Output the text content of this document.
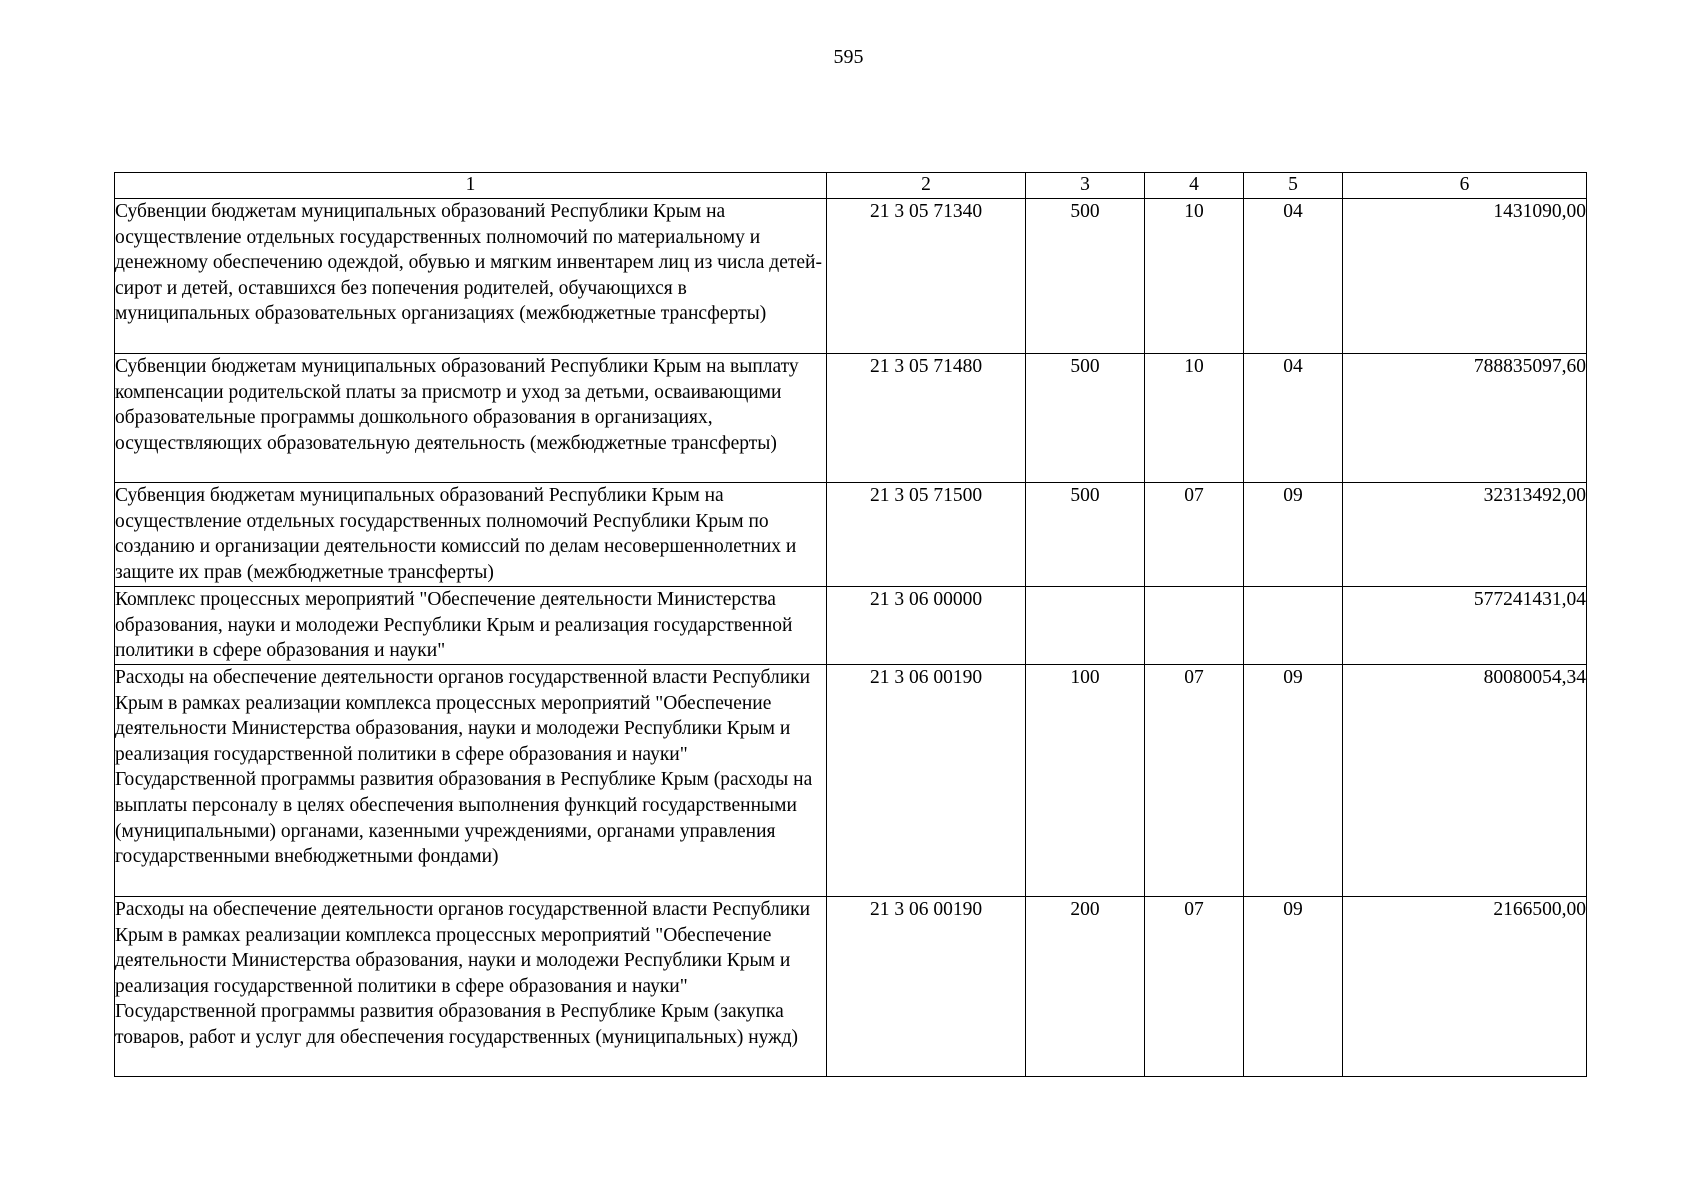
595
1	2	3	4	5	6
Субвенции бюджетам муниципальных образований Республики Крым на осуществление отдельных государственных полномочий по материальному и денежному обеспечению одеждой, обувью и мягким инвентарем лиц из числа детей-сирот и детей, оставшихся без попечения родителей, обучающихся в муниципальных образовательных организациях (межбюджетные трансферты)	21 3 05 71340	500	10	04	1431090,00
Субвенции бюджетам муниципальных образований Республики Крым на выплату компенсации родительской платы за присмотр и уход за детьми, осваивающими образовательные программы дошкольного образования в организациях, осуществляющих образовательную деятельность (межбюджетные трансферты)	21 3 05 71480	500	10	04	788835097,60
Субвенция бюджетам муниципальных образований Республики Крым на осуществление отдельных государственных полномочий Республики Крым по созданию и организации деятельности комиссий по делам несовершеннолетних и защите их прав (межбюджетные трансферты)	21 3 05 71500	500	07	09	32313492,00
Комплекс процессных мероприятий "Обеспечение деятельности Министерства образования, науки и молодежи Республики Крым и реализация государственной политики в сфере образования и науки"	21 3 06 00000				577241431,04
Расходы на обеспечение деятельности органов государственной власти Республики Крым в рамках реализации комплекса процессных мероприятий "Обеспечение деятельности Министерства образования, науки и молодежи Республики Крым и реализация государственной политики в сфере образования и науки" Государственной программы развития образования в Республике Крым (расходы на выплаты персоналу в целях обеспечения выполнения функций государственными (муниципальными) органами, казенными учреждениями, органами управления государственными внебюджетными фондами)	21 3 06 00190	100	07	09	80080054,34
Расходы на обеспечение деятельности органов государственной власти Республики Крым в рамках реализации комплекса процессных мероприятий "Обеспечение деятельности Министерства образования, науки и молодежи Республики Крым и реализация государственной политики в сфере образования и науки" Государственной программы развития образования в Республике Крым (закупка товаров, работ и услуг для обеспечения государственных (муниципальных) нужд)	21 3 06 00190	200	07	09	2166500,00
